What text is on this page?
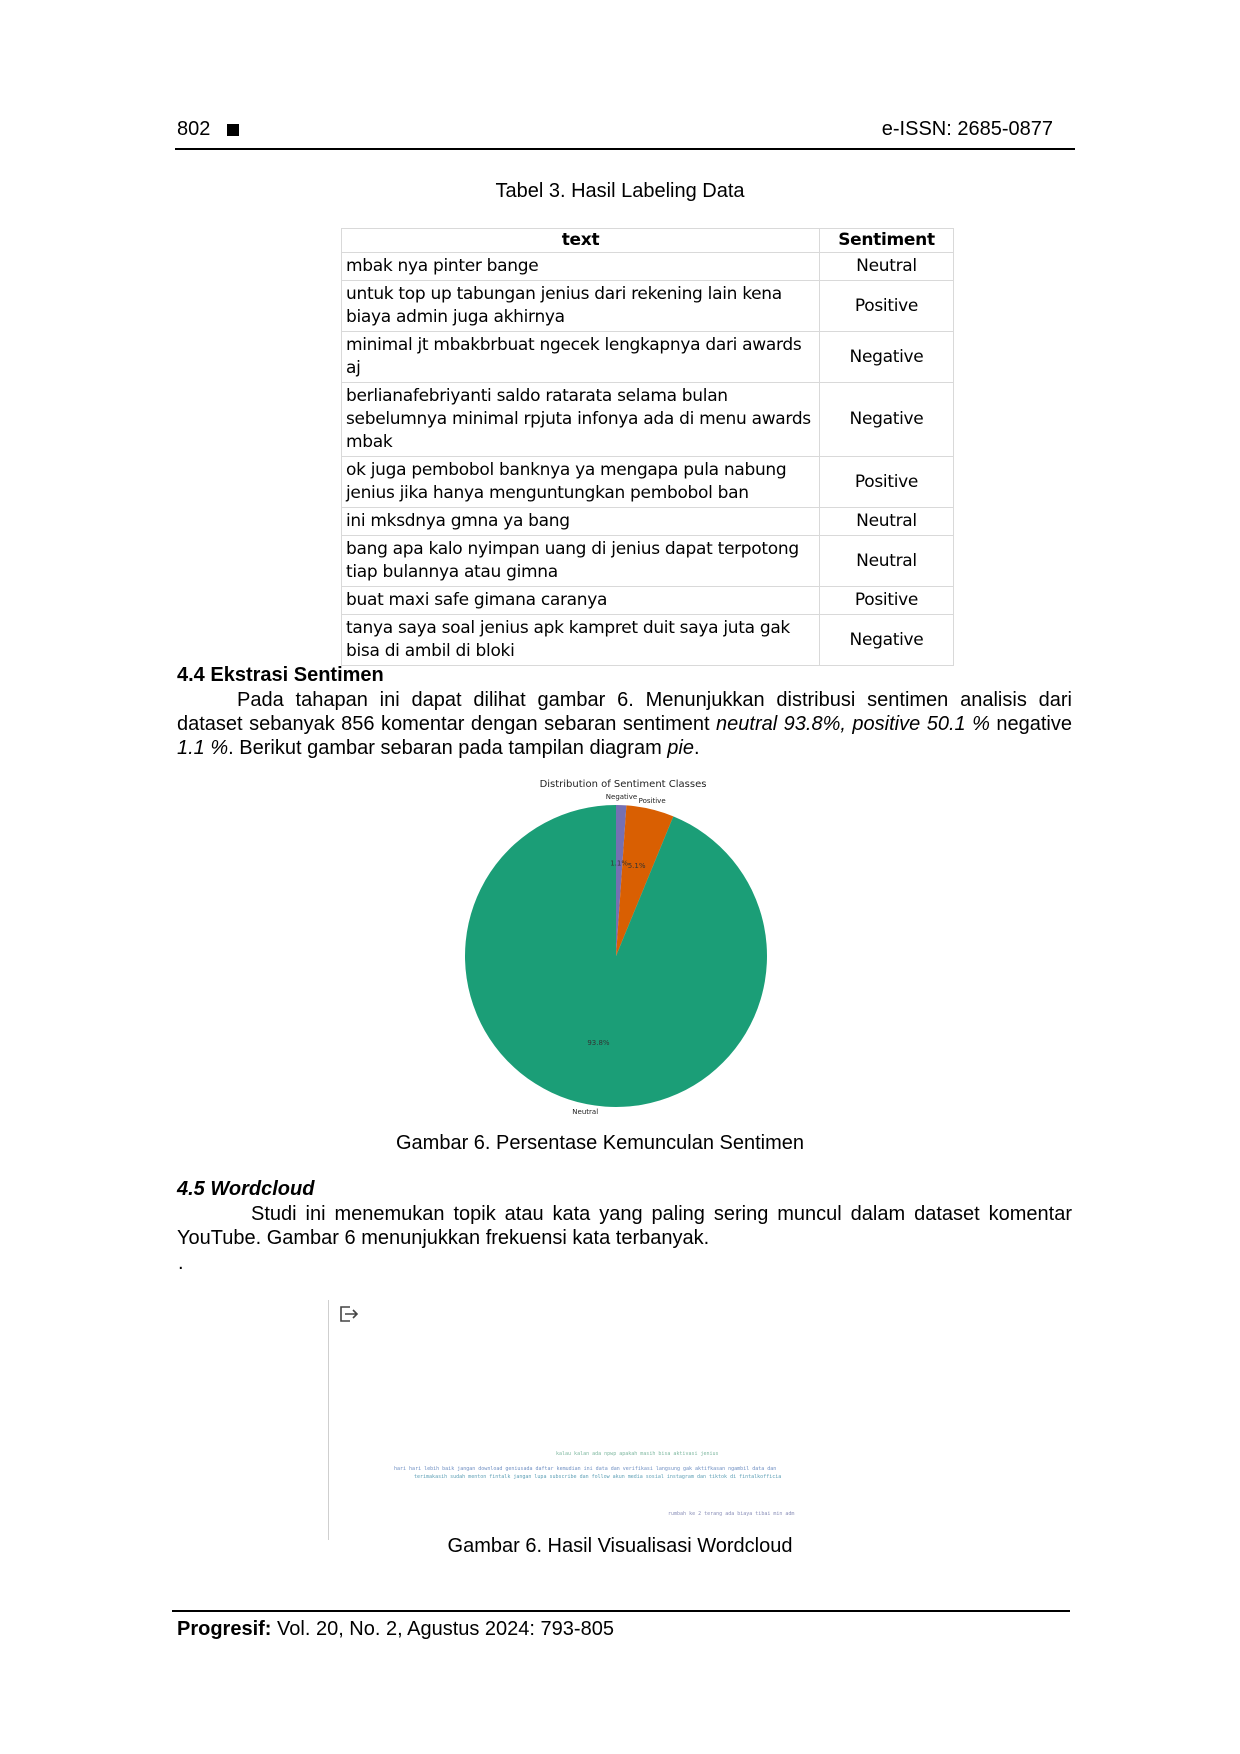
802	e-ISSN: 2685-0877
Tabel 3. Hasil Labeling Data
text	Sentiment
mbak nya pinter bange	Neutral
untuk top up tabungan jenius dari rekening lain kena biaya admin juga akhirnya	Positive
minimal jt mbakbrbuat ngecek lengkapnya dari awards aj	Negative
berlianafebriyanti saldo ratarata selama bulan sebelumnya minimal rpjuta infonya ada di menu awards mbak	Negative
ok juga pembobol banknya ya mengapa pula nabung jenius jika hanya menguntungkan pembobol ban	Positive
ini mksdnya gmna ya bang	Neutral
bang apa kalo nyimpan uang di jenius dapat terpotong tiap bulannya atau gimna	Neutral
buat maxi safe gimana caranya	Positive
tanya saya soal jenius apk kampret duit saya juta gak bisa di ambil di bloki	Negative
4.4 Ekstrasi Sentimen
Pada tahapan ini dapat dilihat gambar 6. Menunjukkan distribusi sentimen analisis dari dataset sebanyak 856 komentar dengan sebaran sentiment neutral 93.8%, positive 50.1 % negative 1.1 %. Berikut gambar sebaran pada tampilan diagram pie.
Distribution of Sentiment Classes
1.1%
Negative
5.1%
Positive
93.8%
Neutral
Gambar 6. Persentase Kemunculan Sentimen
4.5 Wordcloud
Studi ini menemukan topik atau kata yang paling sering muncul dalam dataset komentar YouTube. Gambar 6 menunjukkan frekuensi kata terbanyak.
.
kalau kalan ada npwp apakah masih bisa aktivasi jenius
hari hari lebih baik jangan download geniusada daftar kemudian ini data dan verifikasi langsung gak aktifkasan ngambil data dan
terimakasih sudah menton fintalk jangan lupa subscribe dan follow akun media sosial instagram dan tiktok di fintalkofficia
rumbah ke 2 terang ada biaya tibai min adm
Gambar 6. Hasil Visualisasi Wordcloud
Progresif: Vol. 20, No. 2, Agustus 2024: 793-805
